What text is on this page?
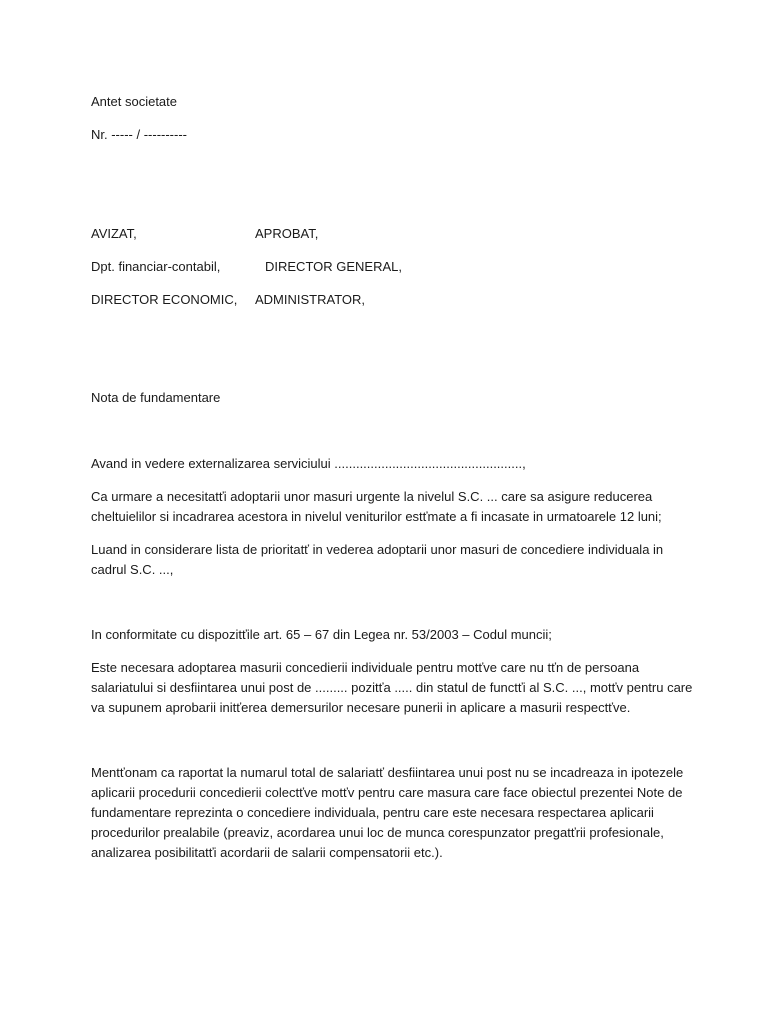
Antet societate
Nr. ----- / ----------
AVIZAT,	APROBAT,
Dpt. financiar-contabil,	DIRECTOR GENERAL,
DIRECTOR ECONOMIC, ADMINISTRATOR,
Nota de fundamentare
Avand in vedere externalizarea serviciului ....................................................,
Ca urmare a necesitatťi adoptarii unor masuri urgente la nivelul S.C. ... care sa asigure reducerea
cheltuielilor si incadrarea acestora in nivelul veniturilor estťmate a fi incasate in urmatoarele 12 luni;
Luand in considerare lista de prioritatť in vederea adoptarii unor masuri de concediere individuala in
cadrul S.C. ...,
In conformitate cu dispozitťile art. 65 – 67 din Legea nr. 53/2003 – Codul muncii;
Este necesara adoptarea masurii concedierii individuale pentru motťve care nu tťn de persoana
salariatului si desfiintarea unui post de ......... pozitťa ..... din statul de functťi al S.C. ..., motťv pentru care
va supunem aprobarii initťerea demersurilor necesare punerii in aplicare a masurii respectťve.
Mentťonam ca raportat la numarul total de salariatť desfiintarea unui post nu se incadreaza in ipotezele
aplicarii procedurii concedierii colectťve motťv pentru care masura care face obiectul prezentei Note de
fundamentare reprezinta o concediere individuala, pentru care este necesara respectarea aplicarii
procedurilor prealabile (preaviz, acordarea unui loc de munca corespunzator pregatťrii profesionale,
analizarea posibilitatťi acordarii de salarii compensatorii etc.).
